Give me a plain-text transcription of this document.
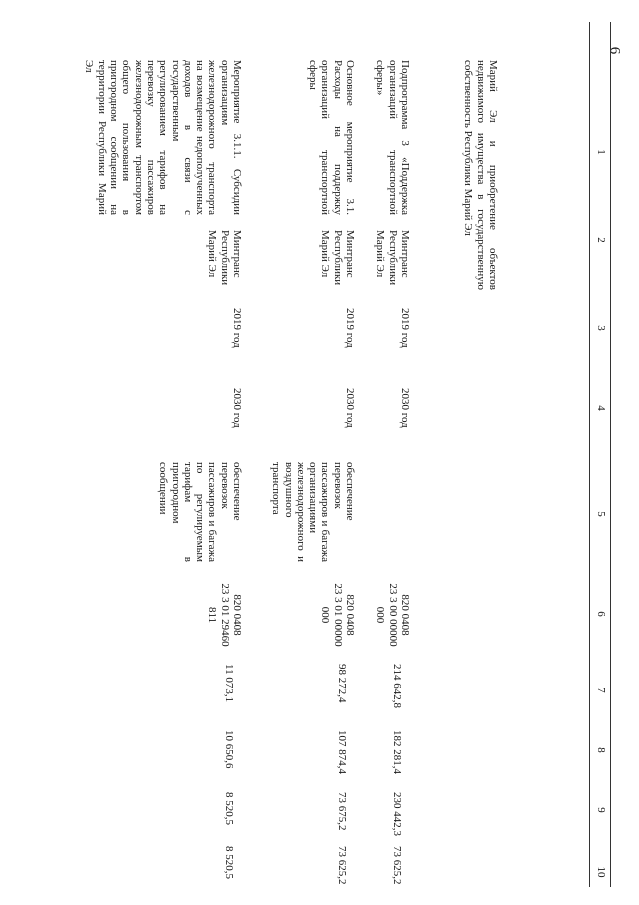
6
1
2
3
4
5
6
7
8
9
10
Марий Эл и приобретение объектов недвижимого имущества в государственную собственность Республики Марий Эл
Подпрограмма 3 «Поддержка организаций транспортной сферы»
Минтранс Республики Марий Эл
2019 год
2030 год
820 0408
23 3 00 00000
000
214 642,8
182 281,4
230 442,3
73 625,2
Основное мероприятие 3.1. Расходы на поддержку организаций транспортной сферы
Минтранс Республики Марий Эл
2019 год
2030 год
обеспечение перевозок пассажиров и багажа организациями железнодорожного и воздушного транспорта
820 0408
23 3 01 00000
000
98 272,4
107 874,4
73 675,2
73 625,2
Мероприятие 3.1.1. Субсидии организациям железнодорожного транспорта на возмещение недополученных доходов в связи с государственным регулированием тарифов на перевозку пассажиров железнодорожным транспортом общего пользования в пригородном сообщении на территории Республики Марий Эл
Минтранс Республики Марий Эл
2019 год
2030 год
обеспечение перевозок пассажиров и багажа по регулируемым тарифам в пригородном сообщении
820 0408
23 3 01 29460
811
11 073,1
10 650,6
8 520,5
8 520,5
